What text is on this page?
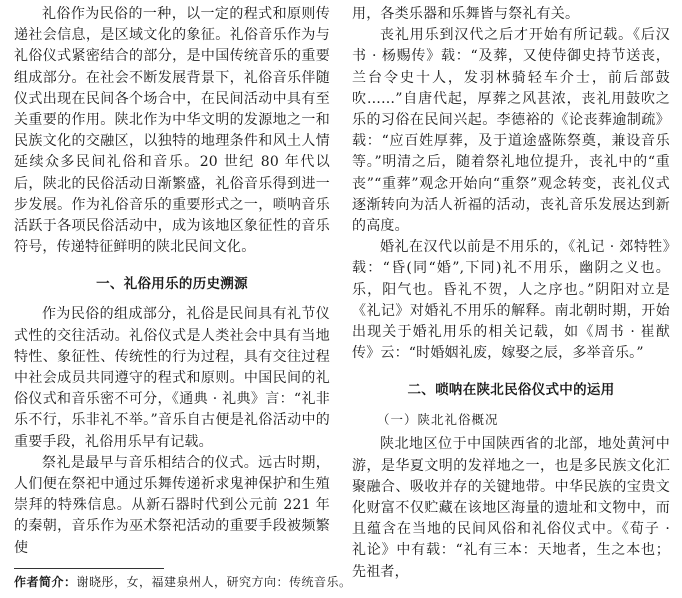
礼俗作为民俗的一种，以一定的程式和原则传递社会信息，是区域文化的象征。礼俗音乐作为与礼俗仪式紧密结合的部分，是中国传统音乐的重要组成部分。在社会不断发展背景下，礼俗音乐伴随仪式出现在民间各个场合中，在民间活动中具有至关重要的作用。陕北作为中华文明的发源地之一和民族文化的交融区，以独特的地理条件和风土人情延续众多民间礼俗和音乐。20 世纪 80 年代以后，陕北的民俗活动日渐繁盛，礼俗音乐得到进一步发展。作为礼俗音乐的重要形式之一，唢呐音乐活跃于各项民俗活动中，成为该地区象征性的音乐符号，传递特征鲜明的陕北民间文化。

一、礼俗用乐的历史溯源

作为民俗的组成部分，礼俗是民间具有礼节仪式性的交往活动。礼俗仪式是人类社会中具有当地特性、象征性、传统性的行为过程，具有交往过程中社会成员共同遵守的程式和原则。中国民间的礼俗仪式和音乐密不可分，《通典 · 礼典》言：“礼非乐不行，乐非礼不举。”音乐自古便是礼俗活动中的重要手段，礼俗用乐早有记载。

祭礼是最早与音乐相结合的仪式。远古时期，人们便在祭祀中通过乐舞传递祈求鬼神保护和生殖崇拜的特殊信息。从新石器时代到公元前 221 年的秦朝，音乐作为巫术祭祀活动的重要手段被频繁使

用，各类乐器和乐舞皆与祭礼有关。

丧礼用乐到汉代之后才开始有所记载。《后汉书 · 杨赐传》载：“及葬，又使侍御史持节送丧，兰台令史十人，发羽林骑轻车介士，前后部鼓吹……”自唐代起，厚葬之风甚浓，丧礼用鼓吹之乐的习俗在民间兴起。李德裕的《论丧葬逾制疏》载：“应百姓厚葬，及于道途盛陈祭奠，兼设音乐等。”明清之后，随着祭礼地位提升，丧礼中的“重丧”“重葬”观念开始向“重祭”观念转变，丧礼仪式逐渐转向为活人祈福的活动，丧礼音乐发展达到新的高度。

婚礼在汉代以前是不用乐的，《礼记 · 郊特牲》载：“昏(同“婚”,下同)礼不用乐，幽阴之义也。乐，阳气也。昏礼不贺，人之序也。”阴阳对立是《礼记》对婚礼不用乐的解释。南北朝时期，开始出现关于婚礼用乐的相关记载，如《周书 · 崔猷传》云：“时婚姻礼废，嫁娶之辰，多举音乐。”

二、唢呐在陕北民俗仪式中的运用
（一）陕北礼俗概况

陕北地区位于中国陕西省的北部，地处黄河中游，是华夏文明的发祥地之一，也是多民族文化汇聚融合、吸收并存的关键地带。中华民族的宝贵文化财富不仅贮藏在该地区海量的遗址和文物中，而且蕴含在当地的民间风俗和礼俗仪式中。《荀子 · 礼论》中有载：“礼有三本：天地者，生之本也；先祖者，

作者简介：谢晓彤，女，福建泉州人，研究方向：传统音乐。
